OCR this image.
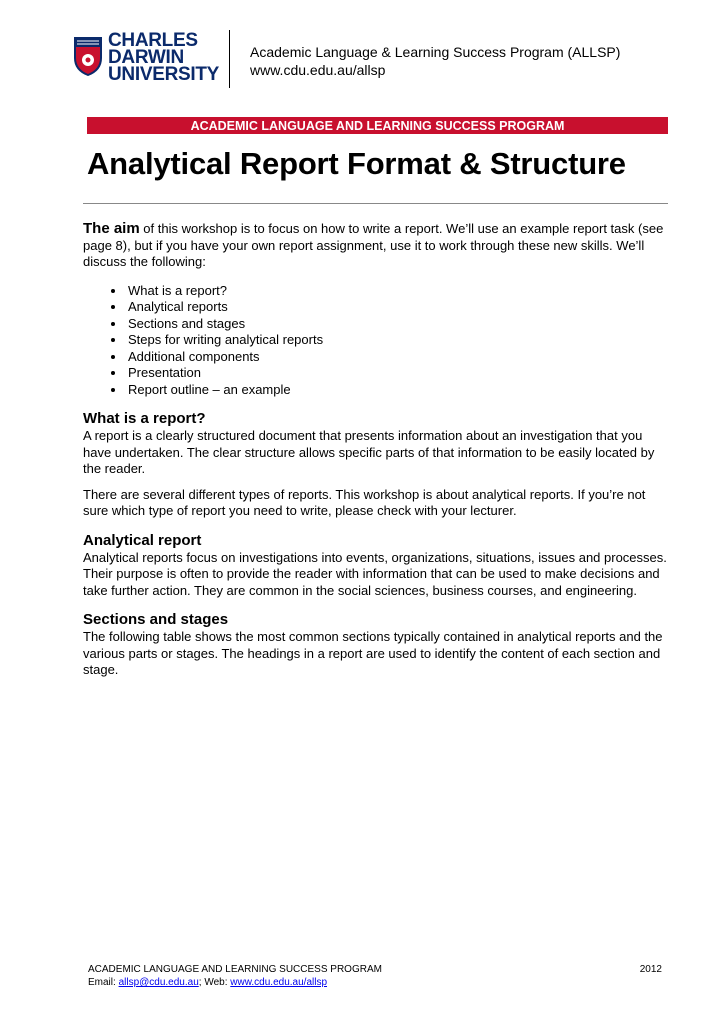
CHARLES
DARWIN
UNIVERSITY
Academic Language & Learning Success Program (ALLSP)
www.cdu.edu.au/allsp
ACADEMIC LANGUAGE AND LEARNING SUCCESS PROGRAM
Analytical Report Format & Structure

The aim of this workshop is to focus on how to write a report. We’ll use an example report task (see page 8), but if you have your own report assignment, use it to work through these new skills. We’ll discuss the following:

• What is a report?
• Analytical reports
• Sections and stages
• Steps for writing analytical reports
• Additional components
• Presentation
• Report outline – an example
What is a report?

A report is a clearly structured document that presents information about an investigation that you have undertaken. The clear structure allows specific parts of that information to be easily located by the reader.

There are several different types of reports. This workshop is about analytical reports. If you’re not sure which type of report you need to write, please check with your lecturer.

Analytical report

Analytical reports focus on investigations into events, organizations, situations, issues and processes. Their purpose is often to provide the reader with information that can be used to make decisions and take further action. They are common in the social sciences, business courses, and engineering.

Sections and stages

The following table shows the most common sections typically contained in analytical reports and the various parts or stages. The headings in a report are used to identify the content of each section and stage.

ACADEMIC LANGUAGE AND LEARNING SUCCESS PROGRAM	2012
Email: allsp@cdu.edu.au; Web: www.cdu.edu.au/allsp
